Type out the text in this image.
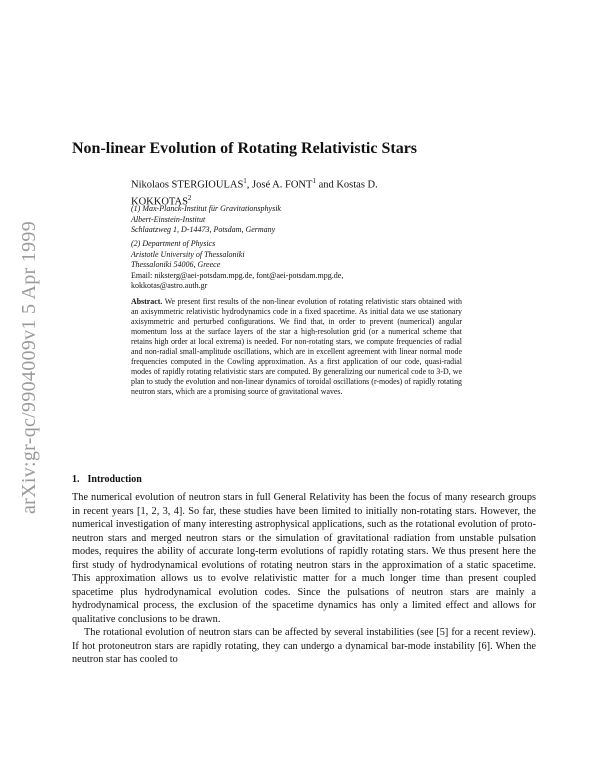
arXiv:gr-qc/9904009v1 5 Apr 1999
Non-linear Evolution of Rotating Relativistic Stars
Nikolaos STERGIOULAS$^1$, José A. FONT$^1$ and Kostas D. KOKKOTAS$^2$
(1) Max-Planck-Institut für Gravitationsphysik
Albert-Einstein-Institut
Schlaatzweg 1, D-14473, Potsdam, Germany
(2) Department of Physics
Aristotle University of Thessaloniki
Thessaloniki 54006, Greece
Email: niksterg@aei-potsdam.mpg.de, font@aei-potsdam.mpg.de,
kokkotas@astro.auth.gr

Abstract. We present first results of the non-linear evolution of rotating relativistic stars obtained with an axisymmetric relativistic hydrodynamics code in a fixed spacetime. As initial data we use stationary axisymmetric and perturbed configurations. We find that, in order to prevent (numerical) angular momentum loss at the surface layers of the star a high-resolution grid (or a numerical scheme that retains high order at local extrema) is needed. For non-rotating stars, we compute frequencies of radial and non-radial small-amplitude oscillations, which are in excellent agreement with linear normal mode frequencies computed in the Cowling approximation. As a first application of our code, quasi-radial modes of rapidly rotating relativistic stars are computed. By generalizing our numerical code to 3-D, we plan to study the evolution and non-linear dynamics of toroidal oscillations (r-modes) of rapidly rotating neutron stars, which are a promising source of gravitational waves.

1. Introduction

The numerical evolution of neutron stars in full General Relativity has been the focus of many research groups in recent years [1, 2, 3, 4]. So far, these studies have been limited to initially non-rotating stars. However, the numerical investigation of many interesting astrophysical applications, such as the rotational evolution of proto-neutron stars and merged neutron stars or the simulation of gravitational radiation from unstable pulsation modes, requires the ability of accurate long-term evolutions of rapidly rotating stars. We thus present here the first study of hydrodynamical evolutions of rotating neutron stars in the approximation of a static spacetime. This approximation allows us to evolve relativistic matter for a much longer time than present coupled spacetime plus hydrodynamical evolution codes. Since the pulsations of neutron stars are mainly a hydrodynamical process, the exclusion of the spacetime dynamics has only a limited effect and allows for qualitative conclusions to be drawn.

The rotational evolution of neutron stars can be affected by several instabilities (see [5] for a recent review). If hot protoneutron stars are rapidly rotating, they can undergo a dynamical bar-mode instability [6]. When the neutron star has cooled to
